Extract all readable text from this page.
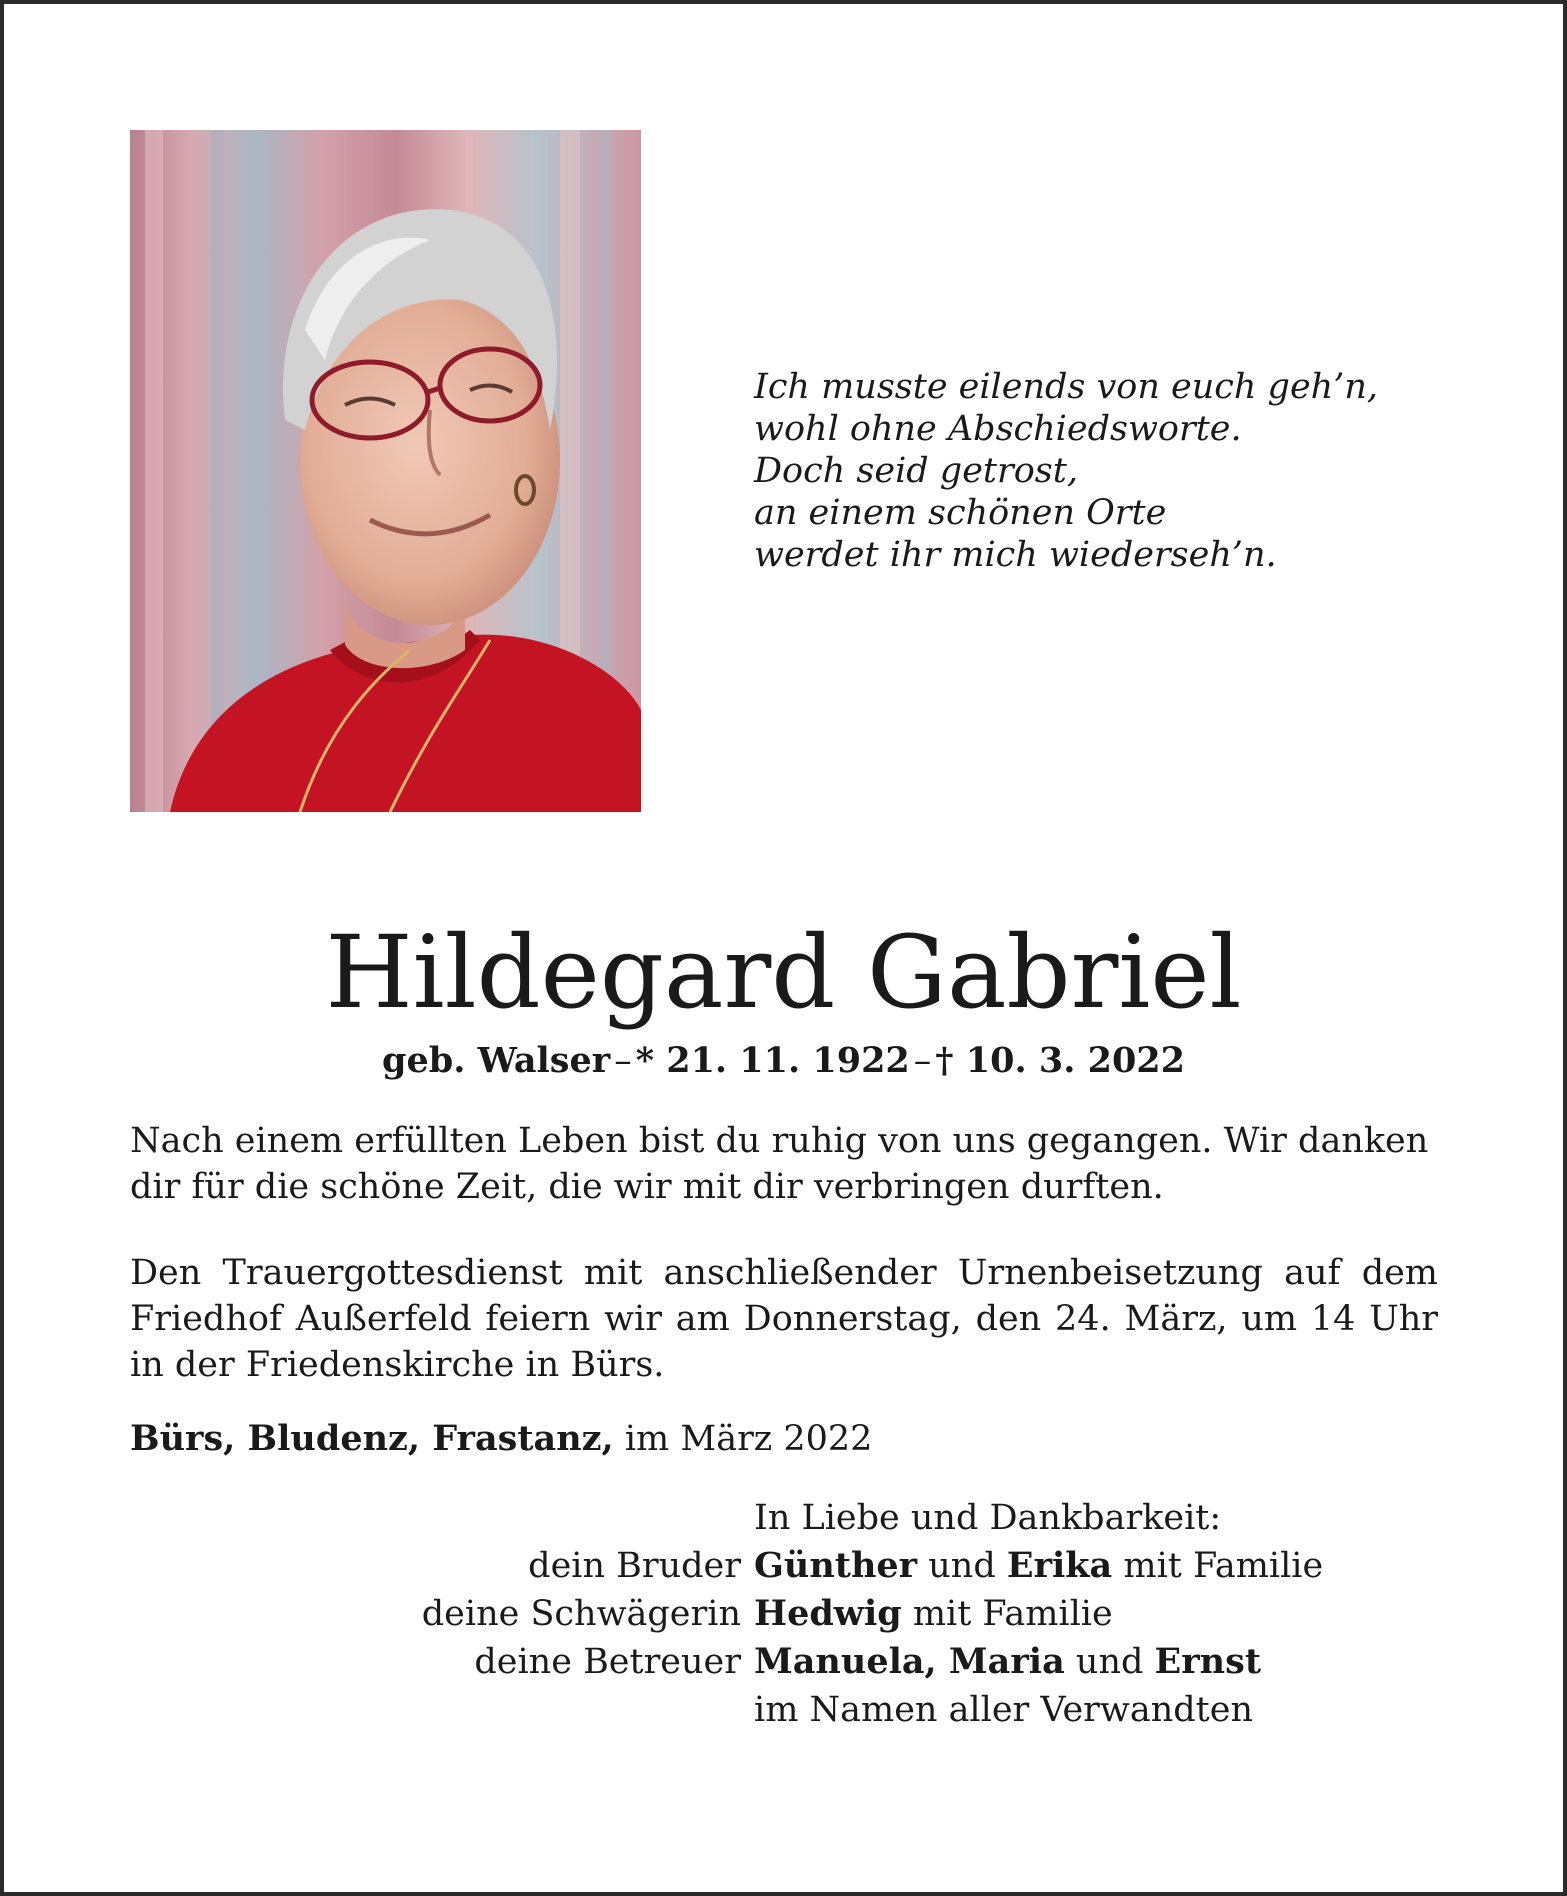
Ich musste eilends von euch geh’n,
wohl ohne Abschiedsworte.
Doch seid getrost,
an einem schönen Orte
werdet ihr mich wiederseh’n.
Hildegard Gabriel
geb. Walser – * 21. 11. 1922 – † 10. 3. 2022

Nach einem erfüllten Leben bist du ruhig von uns gegangen. Wir danken dir für die schöne Zeit, die wir mit dir verbringen durften.

Den Trauergottesdienst mit anschließender Urnenbeisetzung auf dem Friedhof Außerfeld feiern wir am Donnerstag, den 24. März, um 14 Uhr in der Friedenskirche in Bürs.

Bürs, Bludenz, Frastanz, im März 2022

In Liebe und Dankbarkeit:
dein Bruder Günther und Erika mit Familie
deine Schwägerin Hedwig mit Familie
deine Betreuer Manuela, Maria und Ernst
im Namen aller Verwandten
